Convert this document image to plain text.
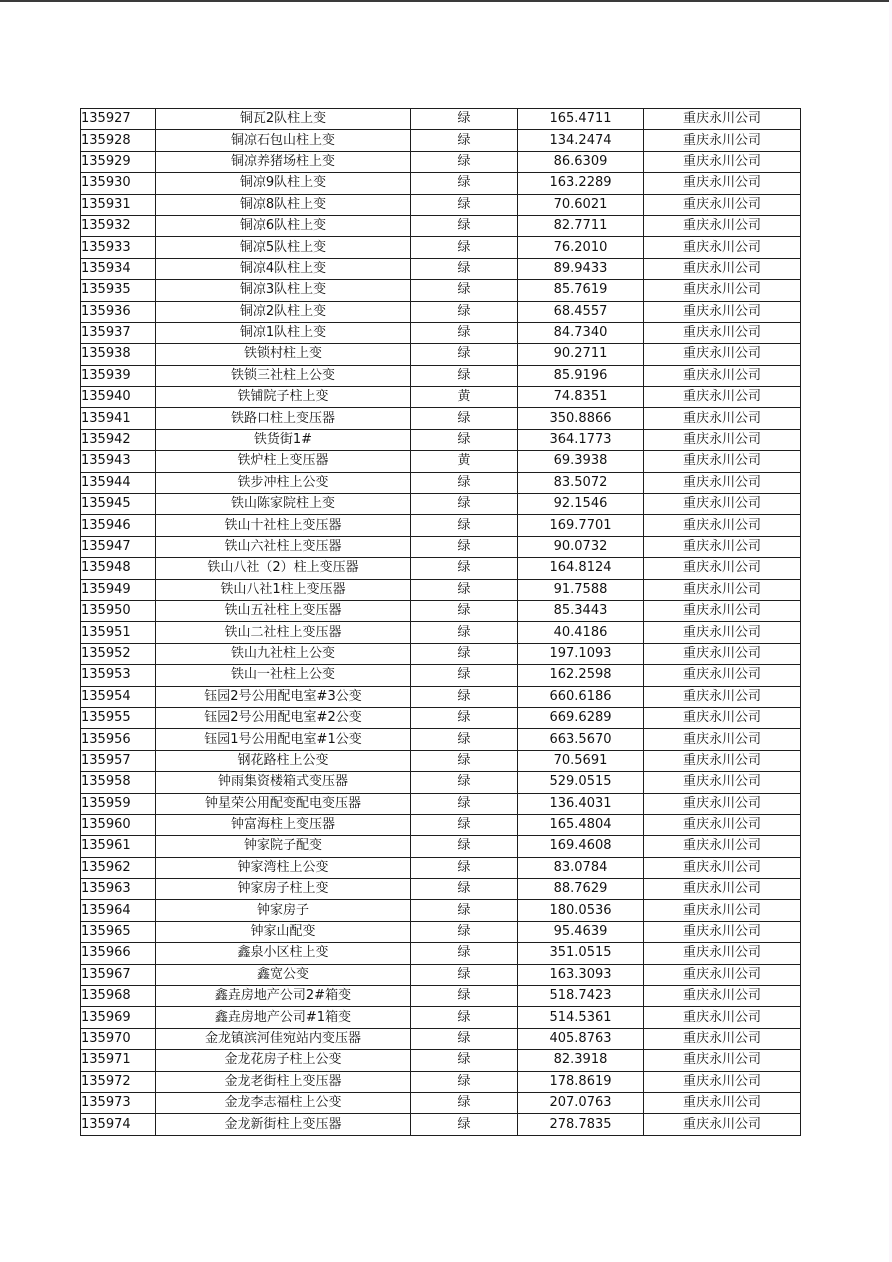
135927	铜瓦2队柱上变	绿	165.4711	重庆永川公司
135928	铜凉石包山柱上变	绿	134.2474	重庆永川公司
135929	铜凉养猪场柱上变	绿	86.6309	重庆永川公司
135930	铜凉9队柱上变	绿	163.2289	重庆永川公司
135931	铜凉8队柱上变	绿	70.6021	重庆永川公司
135932	铜凉6队柱上变	绿	82.7711	重庆永川公司
135933	铜凉5队柱上变	绿	76.2010	重庆永川公司
135934	铜凉4队柱上变	绿	89.9433	重庆永川公司
135935	铜凉3队柱上变	绿	85.7619	重庆永川公司
135936	铜凉2队柱上变	绿	68.4557	重庆永川公司
135937	铜凉1队柱上变	绿	84.7340	重庆永川公司
135938	铁锁村柱上变	绿	90.2711	重庆永川公司
135939	铁锁三社柱上公变	绿	85.9196	重庆永川公司
135940	铁铺院子柱上变	黄	74.8351	重庆永川公司
135941	铁路口柱上变压器	绿	350.8866	重庆永川公司
135942	铁货街1#	绿	364.1773	重庆永川公司
135943	铁炉柱上变压器	黄	69.3938	重庆永川公司
135944	铁步冲柱上公变	绿	83.5072	重庆永川公司
135945	铁山陈家院柱上变	绿	92.1546	重庆永川公司
135946	铁山十社柱上变压器	绿	169.7701	重庆永川公司
135947	铁山六社柱上变压器	绿	90.0732	重庆永川公司
135948	铁山八社（2）柱上变压器	绿	164.8124	重庆永川公司
135949	铁山八社1柱上变压器	绿	91.7588	重庆永川公司
135950	铁山五社柱上变压器	绿	85.3443	重庆永川公司
135951	铁山二社柱上变压器	绿	40.4186	重庆永川公司
135952	铁山九社柱上公变	绿	197.1093	重庆永川公司
135953	铁山一社柱上公变	绿	162.2598	重庆永川公司
135954	钰园2号公用配电室#3公变	绿	660.6186	重庆永川公司
135955	钰园2号公用配电室#2公变	绿	669.6289	重庆永川公司
135956	钰园1号公用配电室#1公变	绿	663.5670	重庆永川公司
135957	钢花路柱上公变	绿	70.5691	重庆永川公司
135958	钟雨集资楼箱式变压器	绿	529.0515	重庆永川公司
135959	钟星荣公用配变配电变压器	绿	136.4031	重庆永川公司
135960	钟富海柱上变压器	绿	165.4804	重庆永川公司
135961	钟家院子配变	绿	169.4608	重庆永川公司
135962	钟家湾柱上公变	绿	83.0784	重庆永川公司
135963	钟家房子柱上变	绿	88.7629	重庆永川公司
135964	钟家房子	绿	180.0536	重庆永川公司
135965	钟家山配变	绿	95.4639	重庆永川公司
135966	鑫泉小区柱上变	绿	351.0515	重庆永川公司
135967	鑫宽公变	绿	163.3093	重庆永川公司
135968	鑫垚房地产公司2#箱变	绿	518.7423	重庆永川公司
135969	鑫垚房地产公司#1箱变	绿	514.5361	重庆永川公司
135970	金龙镇滨河佳宛站内变压器	绿	405.8763	重庆永川公司
135971	金龙花房子柱上公变	绿	82.3918	重庆永川公司
135972	金龙老街柱上变压器	绿	178.8619	重庆永川公司
135973	金龙李志福柱上公变	绿	207.0763	重庆永川公司
135974	金龙新街柱上变压器	绿	278.7835	重庆永川公司
